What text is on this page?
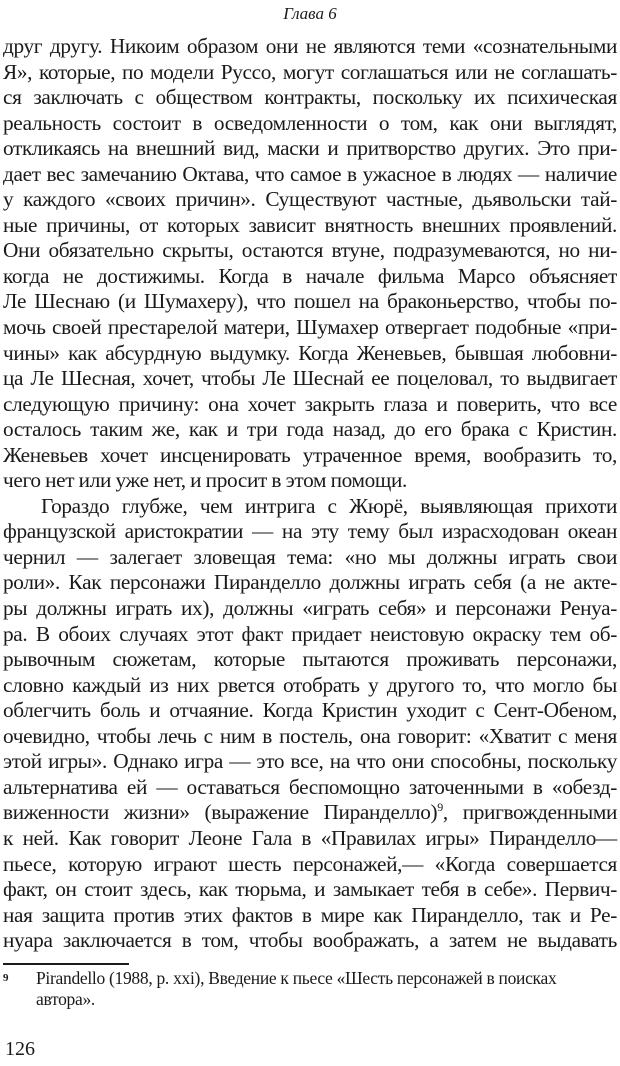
Глава 6

друг другу. Никоим образом они не являются теми «сознательными
Я», которые, по модели Руссо, могут соглашаться или не соглашать-
ся заключать с обществом контракты, поскольку их психическая
реальность состоит в осведомленности о том, как они выглядят,
откликаясь на внешний вид, маски и притворство других. Это при-
дает вес замечанию Октава, что самое в ужасное в людях — наличие
у каждого «своих причин». Существуют частные, дьявольски тай-
ные причины, от которых зависит внятность внешних проявлений.
Они обязательно скрыты, остаются втуне, подразумеваются, но ни-
когда не достижимы. Когда в начале фильма Марсо объясняет
Ле Шеснаю (и Шумахеру), что пошел на браконьерство, чтобы по-
мочь своей престарелой матери, Шумахер отвергает подобные «при-
чины» как абсурдную выдумку. Когда Женевьев, бывшая любовни-
ца Ле Шесная, хочет, чтобы Ле Шеснай ее поцеловал, то выдвигает
следующую причину: она хочет закрыть глаза и поверить, что все
осталось таким же, как и три года назад, до его брака с Кристин.
Женевьев хочет инсценировать утраченное время, вообразить то,
чего нет или уже нет, и просит в этом помощи.

Гораздо глубже, чем интрига с Жюрё, выявляющая прихоти
французской аристократии — на эту тему был израсходован океан
чернил — залегает зловещая тема: «но мы должны играть свои
роли». Как персонажи Пиранделло должны играть себя (а не акте-
ры должны играть их), должны «играть себя» и персонажи Ренуа-
ра. В обоих случаях этот факт придает неистовую окраску тем об-
рывочным сюжетам, которые пытаются проживать персонажи,
словно каждый из них рвется отобрать у другого то, что могло бы
облегчить боль и отчаяние. Когда Кристин уходит с Сент-Обеном,
очевидно, чтобы лечь с ним в постель, она говорит: «Хватит с меня
этой игры». Однако игра — это все, на что они способны, поскольку
альтернатива ей — оставаться беспомощно заточенными в «обезд-
виженности жизни» (выражение Пиранделло)$^9$, пригвожденными
к ней. Как говорит Леоне Гала в «Правилах игры» Пиранделло—
пьесе, которую играют шесть персонажей,— «Когда совершается
факт, он стоит здесь, как тюрьма, и замыкает тебя в себе». Первич-
ная защита против этих фактов в мире как Пиранделло, так и Ре-
нуара заключается в том, чтобы воображать, а затем не выдавать

9	Pirandello (1988, p. xxi), В​ведение к пьесе «Шесть персонажей в поисках
автора».
126
